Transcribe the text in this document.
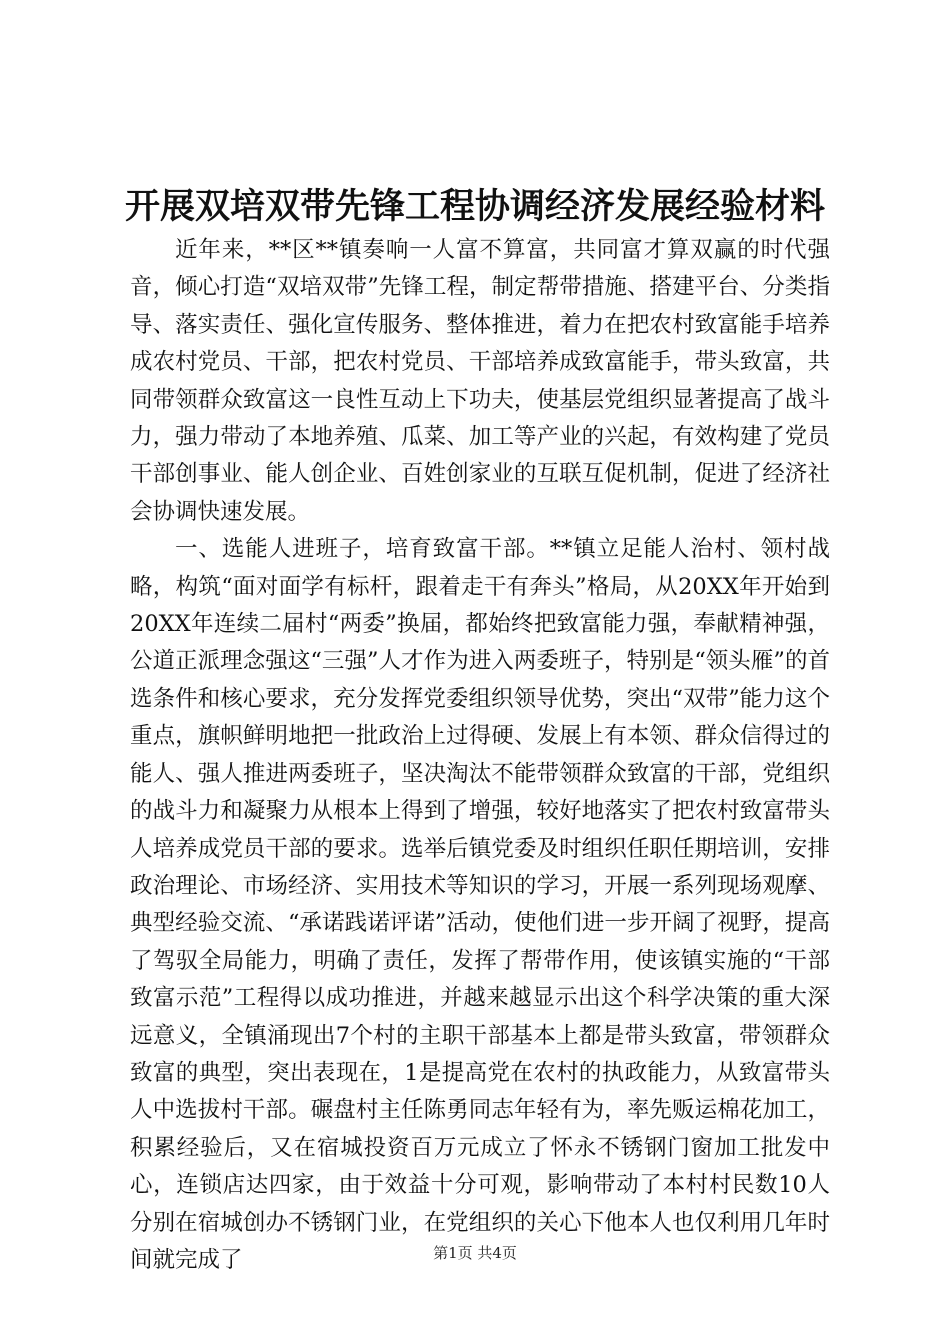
开展双培双带先锋工程协调经济发展经验材料

近年来，**区**镇奏响一人富不算富，共同富才算双赢的时代强音，倾心打造“双培双带”先锋工程，制定帮带措施、搭建平台、分类指导、落实责任、强化宣传服务、整体推进，着力在把农村致富能手培养成农村党员、干部，把农村党员、干部培养成致富能手，带头致富，共同带领群众致富这一良性互动上下功夫，使基层党组织显著提高了战斗力，强力带动了本地养殖、瓜菜、加工等产业的兴起，有效构建了党员干部创事业、能人创企业、百姓创家业的互联互促机制，促进了经济社会协调快速发展。

一、选能人进班子，培育致富干部。**镇立足能人治村、领村战略，构筑“面对面学有标杆，跟着走干有奔头”格局，从20XX年开始到20XX年连续二届村“两委”换届，都始终把致富能力强，奉献精神强，公道正派理念强这“三强”人才作为进入两委班子，特别是“领头雁”的首选条件和核心要求，充分发挥党委组织领导优势，突出“双带”能力这个重点，旗帜鲜明地把一批政治上过得硬、发展上有本领、群众信得过的能人、强人推进两委班子，坚决淘汰不能带领群众致富的干部，党组织的战斗力和凝聚力从根本上得到了增强，较好地落实了把农村致富带头人培养成党员干部的要求。选举后镇党委及时组织任职任期培训，安排政治理论、市场经济、实用技术等知识的学习，开展一系列现场观摩、典型经验交流、“承诺践诺评诺”活动，使他们进一步开阔了视野，提高了驾驭全局能力，明确了责任，发挥了帮带作用，使该镇实施的“干部致富示范”工程得以成功推进，并越来越显示出这个科学决策的重大深远意义，全镇涌现出7个村的主职干部基本上都是带头致富，带领群众致富的典型，突出表现在，1是提高党在农村的执政能力，从致富带头人中选拔村干部。碾盘村主任陈勇同志年轻有为，率先贩运棉花加工，积累经验后，又在宿城投资百万元成立了怀永不锈钢门窗加工批发中心，连锁店达四家，由于效益十分可观，影响带动了本村村民数10人分别在宿城创办不锈钢门业，在党组织的关心下他本人也仅利用几年时间就完成了	第1页 共4页
